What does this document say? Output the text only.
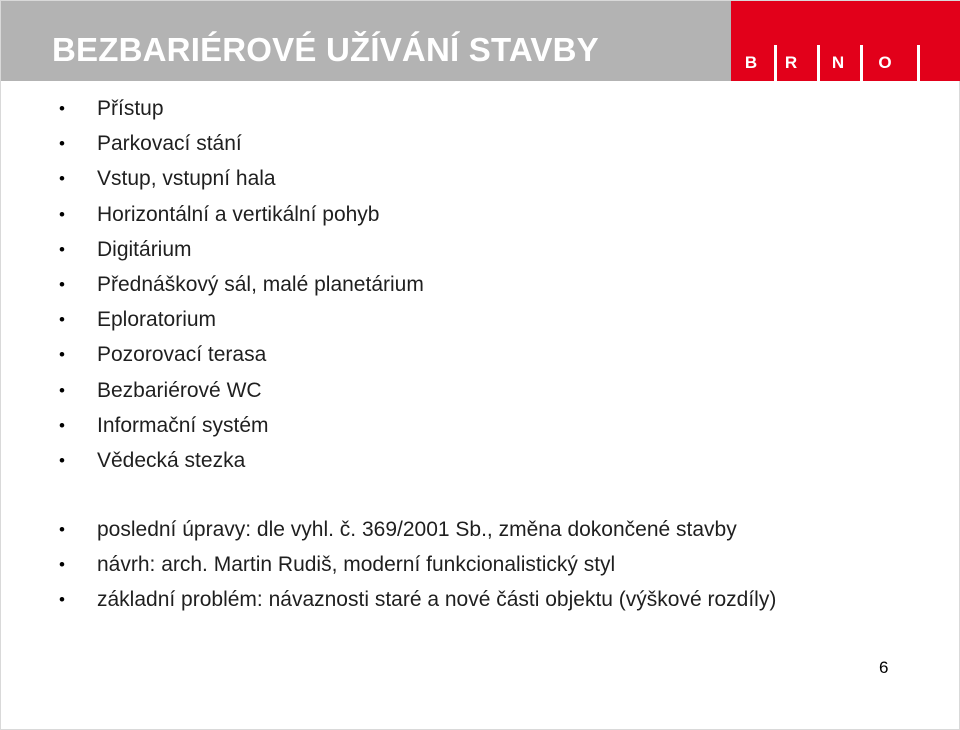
BEZBARIÉROVÉ UŽÍVÁNÍ STAVBY	B R N O
• Přístup
• Parkovací stání
• Vstup, vstupní hala
• Horizontální a vertikální pohyb
• Digitárium
• Přednáškový sál, malé planetárium
• Eploratorium
• Pozorovací terasa
• Bezbariérové WC
• Informační systém
• Vědecká stezka
• poslední úpravy: dle vyhl. č. 369/2001 Sb., změna dokončené stavby
• návrh: arch. Martin Rudiš, moderní funkcionalistický styl
• základní problém: návaznosti staré a nové části objektu (výškové rozdíly)
6
